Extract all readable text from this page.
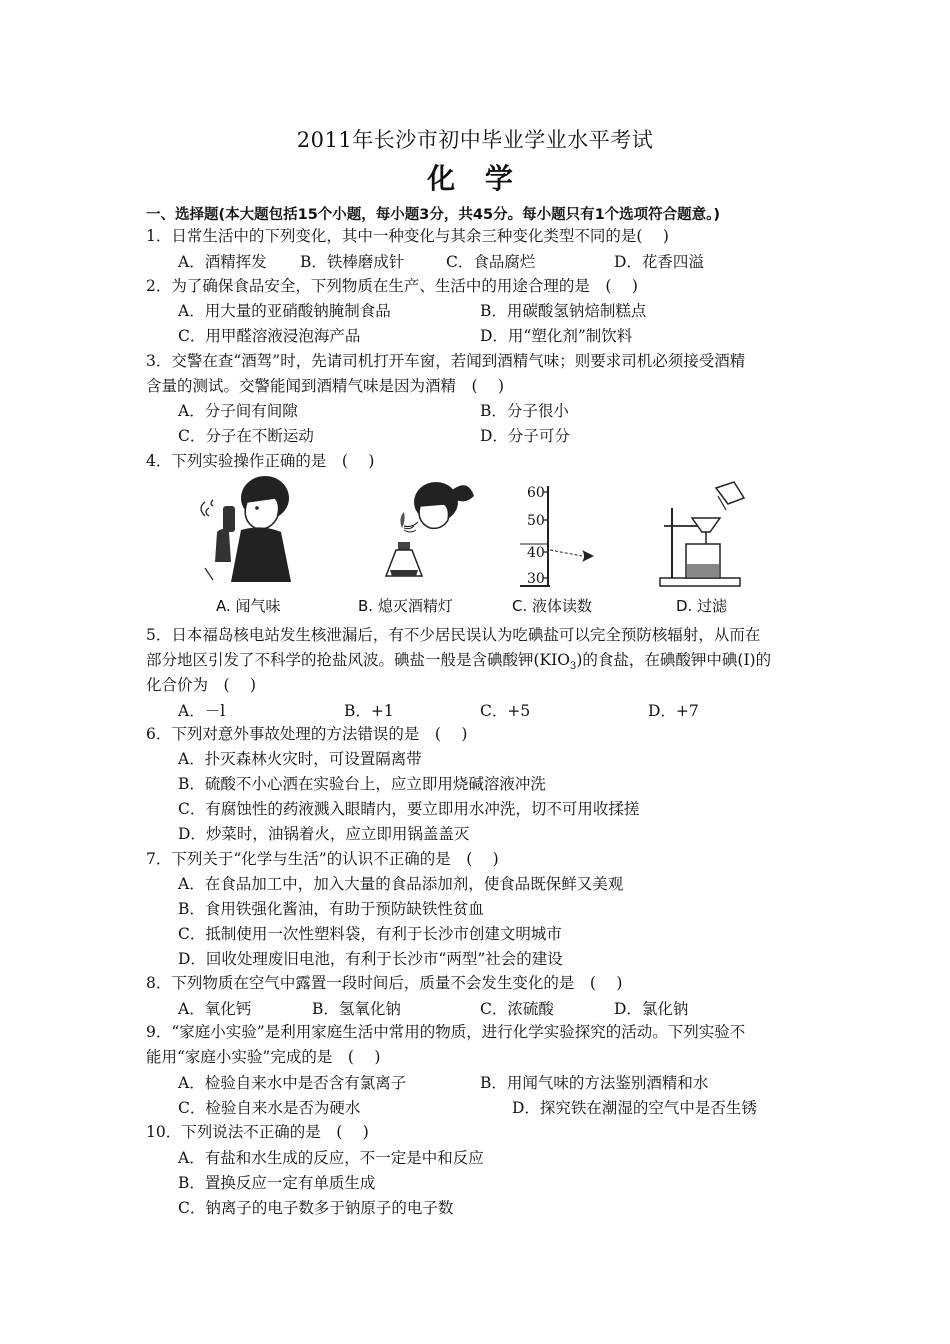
2011年长沙市初中毕业学业水平考试
化 学
一、选择题(本大题包括15个小题，每小题3分，共45分。每小题只有1个选项符合题意。)
1．日常生活中的下列变化，其中一种变化与其余三种变化类型不同的是(　 )
A．酒精挥发 B．铁棒磨成针	C．食品腐烂	D．花香四溢
2．为了确保食品安全，下列物质在生产、生活中的用途合理的是　(　 )
A．用大量的亚硝酸钠腌制食品	B．用碳酸氢钠焙制糕点
C．用甲醛溶液浸泡海产品	D．用“塑化剂”制饮料
3．交警在查“酒驾”时，先请司机打开车窗，若闻到酒精气味；则要求司机必须接受酒精
含量的测试。交警能闻到酒精气味是因为酒精　(　 )
A．分子间有间隙	B．分子很小
C．分子在不断运动	D．分子可分
4．下列实验操作正确的是　(　 )
60
50
40
30
A. 闻气味	B. 熄灭酒精灯	C. 液体读数	D. 过滤
5．日本福岛核电站发生核泄漏后，有不少居民误认为吃碘盐可以完全预防核辐射，从而在
部分地区引发了不科学的抢盐风波。碘盐一般是含碘酸钾$(KIO_3)$的食盐，在碘酸钾中碘(I)的
化合价为　(　 )
A．－l	B．+1	C．+5	D．+7
6．下列对意外事故处理的方法错误的是　(　 )
A．扑灭森林火灾时，可设置隔离带
B．硫酸不小心洒在实验台上，应立即用烧碱溶液冲洗
C．有腐蚀性的药液溅入眼睛内，要立即用水冲洗，切不可用收揉搓
D．炒菜时，油锅着火，应立即用锅盖盖灭
7．下列关于“化学与生活”的认识不正确的是　(　 )
A．在食品加工中，加入大量的食品添加剂，使食品既保鲜又美观
B．食用铁强化酱油，有助于预防缺铁性贫血
C．抵制使用一次性塑料袋，有利于长沙市创建文明城市
D．回收处理废旧电池，有利于长沙市“两型”社会的建设
8．下列物质在空气中露置一段时间后，质量不会发生变化的是　(　 )
A．氧化钙	B．氢氧化钠	C．浓硫酸	D．氯化钠
9．“家庭小实验”是利用家庭生活中常用的物质，进行化学实验探究的活动。下列实验不
能用“家庭小实验”完成的是　(　 )
A．检验自来水中是否含有氯离子	B．用闻气味的方法鉴别酒精和水
C．检验自来水是否为硬水	D．探究铁在潮湿的空气中是否生锈
10．下列说法不正确的是　(　 )
A．有盐和水生成的反应，不一定是中和反应
B．置换反应一定有单质生成
C．钠离子的电子数多于钠原子的电子数
